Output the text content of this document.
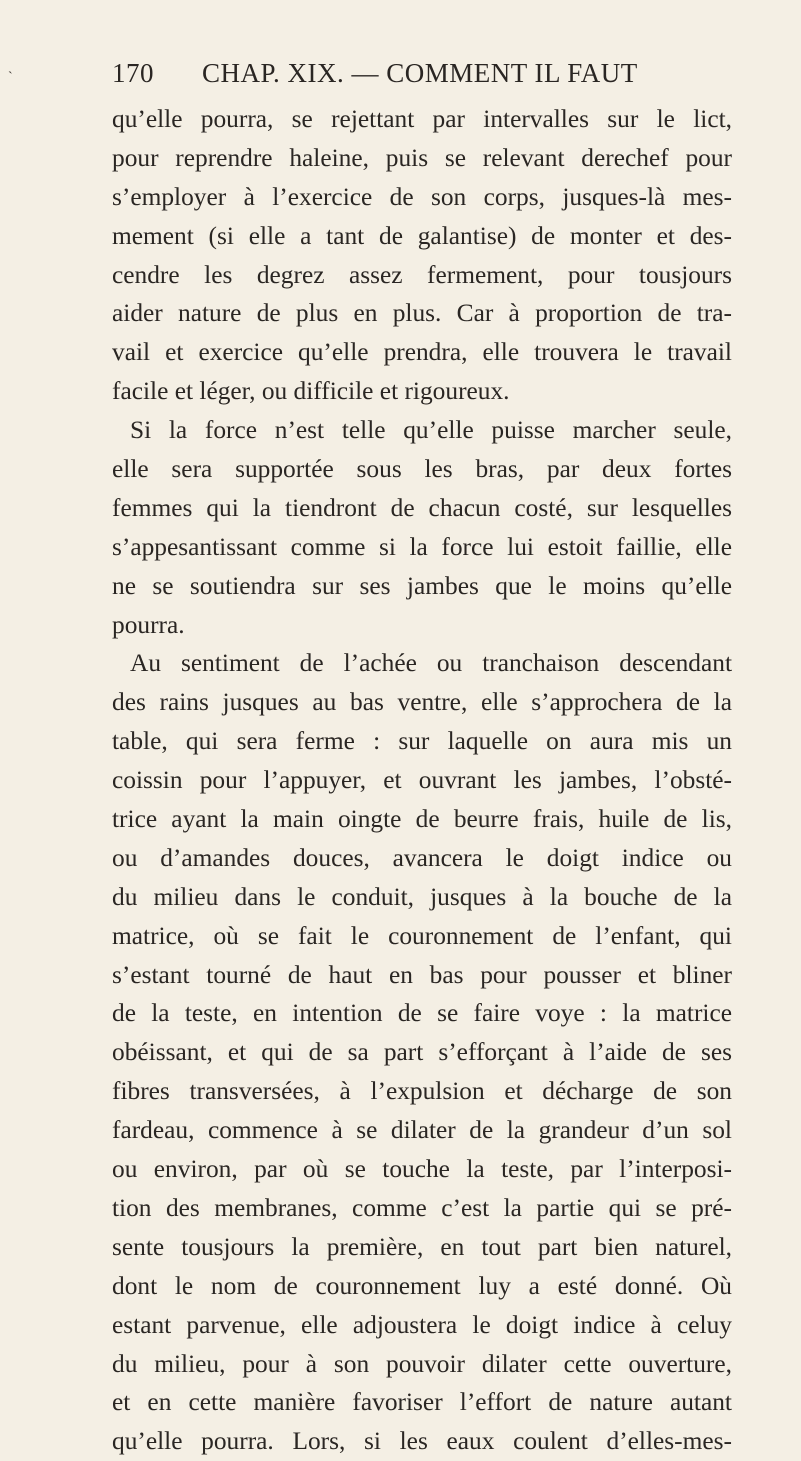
`	170 CHAP. XIX. — COMMENT IL FAUT
qu’elle pourra, se rejettant par intervalles sur le lict,
pour reprendre haleine, puis se relevant derechef pour
s’employer à l’exercice de son corps, jusques-là mes-
mement (si elle a tant de galantise) de monter et des-
cendre les degrez assez fermement, pour tousjours
aider nature de plus en plus. Car à proportion de tra-
vail et exercice qu’elle prendra, elle trouvera le travail
facile et léger, ou difficile et rigoureux.
Si la force n’est telle qu’elle puisse marcher seule,
elle sera supportée sous les bras, par deux fortes
femmes qui la tiendront de chacun costé, sur lesquelles
s’appesantissant comme si la force lui estoit faillie, elle
ne se soutiendra sur ses jambes que le moins qu’elle
pourra.
Au sentiment de l’achée ou tranchaison descendant
des rains jusques au bas ventre, elle s’approchera de la
table, qui sera ferme : sur laquelle on aura mis un
coissin pour l’appuyer, et ouvrant les jambes, l’obsté-
trice ayant la main oingte de beurre frais, huile de lis,
ou d’amandes douces, avancera le doigt indice ou
du milieu dans le conduit, jusques à la bouche de la
matrice, où se fait le couronnement de l’enfant, qui
s’estant tourné de haut en bas pour pousser et bliner
de la teste, en intention de se faire voye : la matrice
obéissant, et qui de sa part s’efforçant à l’aide de ses
fibres transversées, à l’expulsion et décharge de son
fardeau, commence à se dilater de la grandeur d’un sol
ou environ, par où se touche la teste, par l’interposi-
tion des membranes, comme c’est la partie qui se pré-
sente tousjours la première, en tout part bien naturel,
dont le nom de couronnement luy a esté donné. Où
estant parvenue, elle adjoustera le doigt indice à celuy
du milieu, pour à son pouvoir dilater cette ouverture,
et en cette manière favoriser l’effort de nature autant
qu’elle pourra. Lors, si les eaux coulent d’elles-mes-
